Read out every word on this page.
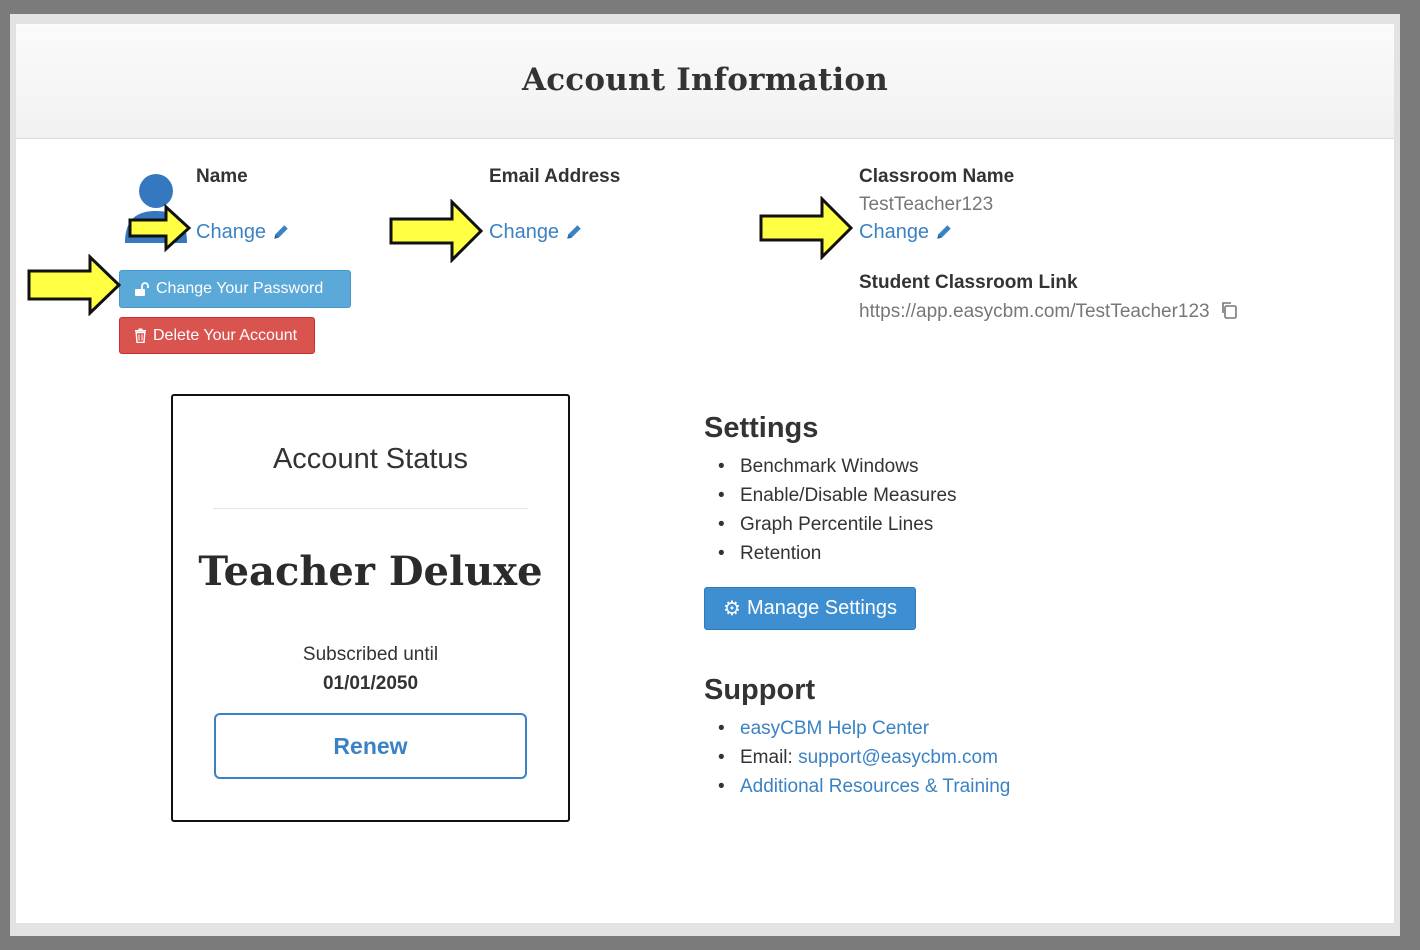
Account Information
Name
Change
Email Address
Change
Classroom Name
TestTeacher123
Change
Student Classroom Link
https://app.easycbm.com/TestTeacher123
Change Your Password
Delete Your Account
Account Status
Teacher Deluxe
Subscribed until
01/01/2050
Renew
Settings
• Benchmark Windows
• Enable/Disable Measures
• Graph Percentile Lines
• Retention
⚙ Manage Settings
Support
• easyCBM Help Center
• Email: support@easycbm.com
• Additional Resources & Training
